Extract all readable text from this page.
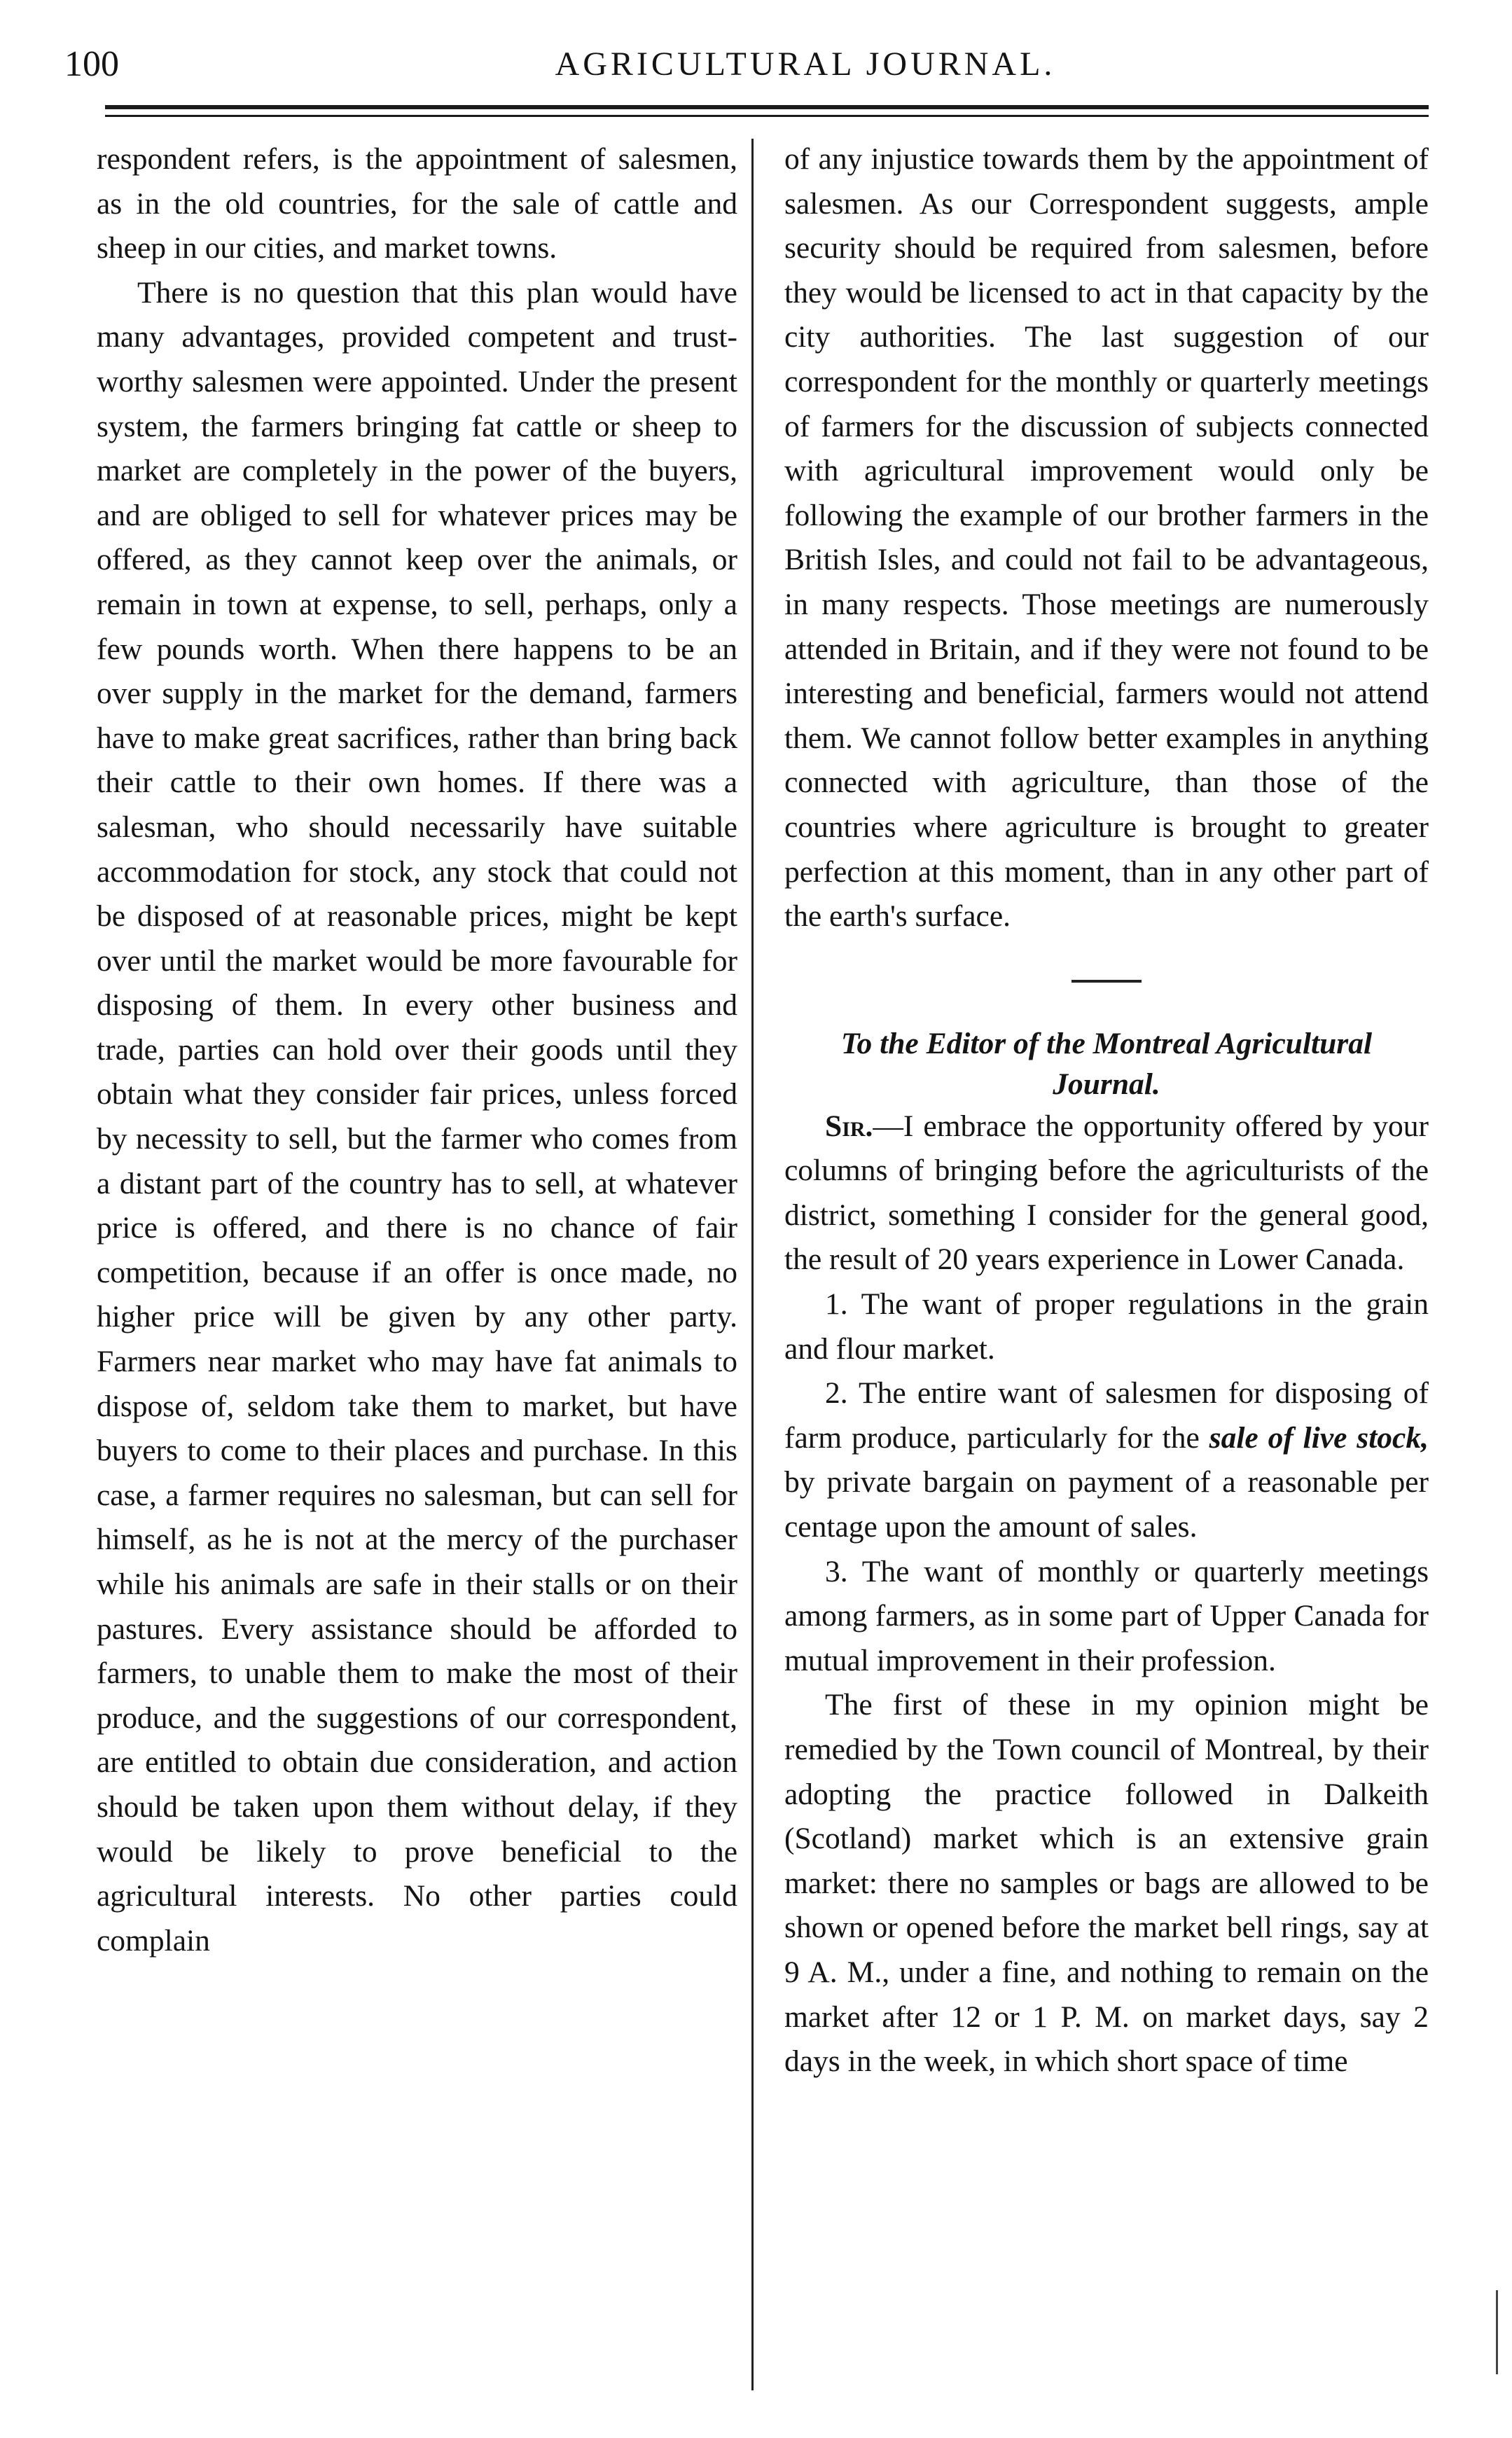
100	AGRICULTURAL JOURNAL.

respondent refers, is the appointment of salesmen, as in the old countries, for the sale of cattle and sheep in our cities, and market towns.

There is no question that this plan would have many advantages, provided competent and trust-worthy salesmen were appointed. Under the present system, the farmers bringing fat cattle or sheep to market are completely in the power of the buyers, and are obliged to sell for whatever prices may be offered, as they cannot keep over the animals, or remain in town at expense, to sell, perhaps, only a few pounds worth. When there happens to be an over supply in the market for the demand, farmers have to make great sacrifices, rather than bring back their cattle to their own homes. If there was a salesman, who should necessarily have suitable accommodation for stock, any stock that could not be disposed of at reasonable prices, might be kept over until the market would be more favourable for disposing of them. In every other business and trade, parties can hold over their goods until they obtain what they consider fair prices, unless forced by necessity to sell, but the farmer who comes from a distant part of the country has to sell, at whatever price is offered, and there is no chance of fair competition, because if an offer is once made, no higher price will be given by any other party. Farmers near market who may have fat animals to dispose of, seldom take them to market, but have buyers to come to their places and purchase. In this case, a farmer requires no salesman, but can sell for himself, as he is not at the mercy of the purchaser while his animals are safe in their stalls or on their pastures. Every assistance should be afforded to farmers, to unable them to make the most of their produce, and the suggestions of our correspondent, are entitled to obtain due consideration, and action should be taken upon them without delay, if they would be likely to prove beneficial to the agricultural interests. No other parties could complain

of any injustice towards them by the appointment of salesmen. As our Correspondent suggests, ample security should be required from salesmen, before they would be licensed to act in that capacity by the city authorities. The last suggestion of our correspondent for the monthly or quarterly meetings of farmers for the discussion of subjects connected with agricultural improvement would only be following the example of our brother farmers in the British Isles, and could not fail to be advantageous, in many respects. Those meetings are numerously attended in Britain, and if they were not found to be interesting and beneficial, farmers would not attend them. We cannot follow better examples in anything connected with agriculture, than those of the countries where agriculture is brought to greater perfection at this moment, than in any other part of the earth's surface.

To the Editor of the Montreal Agricultural
Journal.

Sir.—I embrace the opportunity offered by your columns of bringing before the agriculturists of the district, something I consider for the general good, the result of 20 years experience in Lower Canada.

1. The want of proper regulations in the grain and flour market.

2. The entire want of salesmen for disposing of farm produce, particularly for the sale of live stock, by private bargain on payment of a reasonable per centage upon the amount of sales.

3. The want of monthly or quarterly meetings among farmers, as in some part of Upper Canada for mutual improvement in their profession.

The first of these in my opinion might be remedied by the Town council of Montreal, by their adopting the practice followed in Dalkeith (Scotland) market which is an extensive grain market: there no samples or bags are allowed to be shown or opened before the market bell rings, say at 9 A. M., under a fine, and nothing to remain on the market after 12 or 1 P. M. on market days, say 2 days in the week, in which short space of time
